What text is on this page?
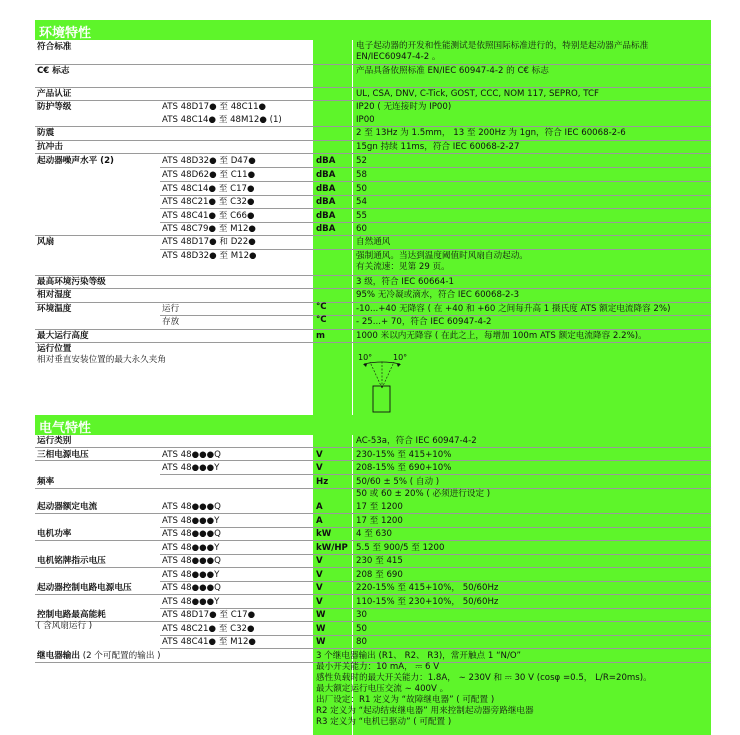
环境特性
符合标准	电子起动器的开发和性能测试是依照国际标准进行的，特别是起动器产品标准
EN/IEC60947-4-2 。
C€ 标志	产品具备依照标准 EN/IEC 60947-4-2 的 C€ 标志
产品认证	UL, CSA, DNV, C-Tick, GOST, CCC, NOM 117, SEPRO, TCF
防护等级	ATS 48D17● 至 48C11●	IP20 ( 无连接时为 IP00)
ATS 48C14● 至 48M12● (1)	IP00
防震	2 至 13Hz 为 1.5mm， 13 至 200Hz 为 1gn，符合 IEC 60068-2-6
抗冲击	15gn 持续 11ms，符合 IEC 60068-2-27
起动器噪声水平 (2)	ATS 48D32● 至 D47●	dBA 52
ATS 48D62● 至 C11●	dBA 58
ATS 48C14● 至 C17●	dBA 50
ATS 48C21● 至 C32●	dBA 54
ATS 48C41● 至 C66●	dBA 55
ATS 48C79● 至 M12●	dBA 60
风扇	ATS 48D17● 和 D22●	自然通风
ATS 48D32● 至 M12●	强制通风。当达到温度阈值时风扇自动起动。
有关流速：见第 29 页。
最高环境污染等级	3 级，符合 IEC 60664-1
相对湿度	95% 无冷凝或滴水，符合 IEC 60068-2-3
环境温度	运行	°C	-10...+40 无降容 ( 在 +40 和 +60 之间每升高 1 摄氏度 ATS 额定电流降容 2%)
存放	°C	- 25...+ 70，符合 IEC 60947-4-2
最大运行高度	m	1000 米以内无降容 ( 在此之上，每增加 100m ATS 额定电流降容 2.2%)。
运行位置
相对垂直安装位置的最大永久夹角	10°	10°
电气特性
运行类别	AC-53a，符合 IEC 60947-4-2
三相电源电压	ATS 48●●●Q	V	230-15% 至 415+10%
ATS 48●●●Y	V	208-15% 至 690+10%
频率	Hz	50/60 ± 5% ( 自动 )
50 或 60 ± 20% ( 必须进行设定 )
起动器额定电流	ATS 48●●●Q	A	17 至 1200
ATS 48●●●Y	A	17 至 1200
电机功率	ATS 48●●●Q	kW	4 至 630
ATS 48●●●Y	kW/HP 5.5 至 900/5 至 1200
电机铭牌指示电压	ATS 48●●●Q	V	230 至 415
ATS 48●●●Y	V	208 至 690
起动器控制电路电源电压	ATS 48●●●Q	V	220-15% 至 415+10%， 50/60Hz
ATS 48●●●Y	V	110-15% 至 230+10%， 50/60Hz
控制电路最高能耗
( 含风扇运行 )
ATS 48D17● 至 C17●	W	30
ATS 48C21● 至 C32●	W	50
ATS 48C41● 至 M12●	W	80
继电器输出 (2 个可配置的输出 )	3 个继电器输出 (R1、 R2、 R3)，常开触点 1 “N/O”
最小开关能力：10 mA， ⎓ 6 V
感性负载时的最大开关能力：1.8A， ∼ 230V 和 ⎓ 30 V (cosφ =0.5， L/R=20ms)。
最大额定运行电压交流 ∼ 400V 。
出厂设定：R1 定义为 “故障继电器” ( 可配置 )
R2 定义为 “起动结束继电器” 用来控制起动器旁路继电器
R3 定义为 “电机已驱动” ( 可配置 )
